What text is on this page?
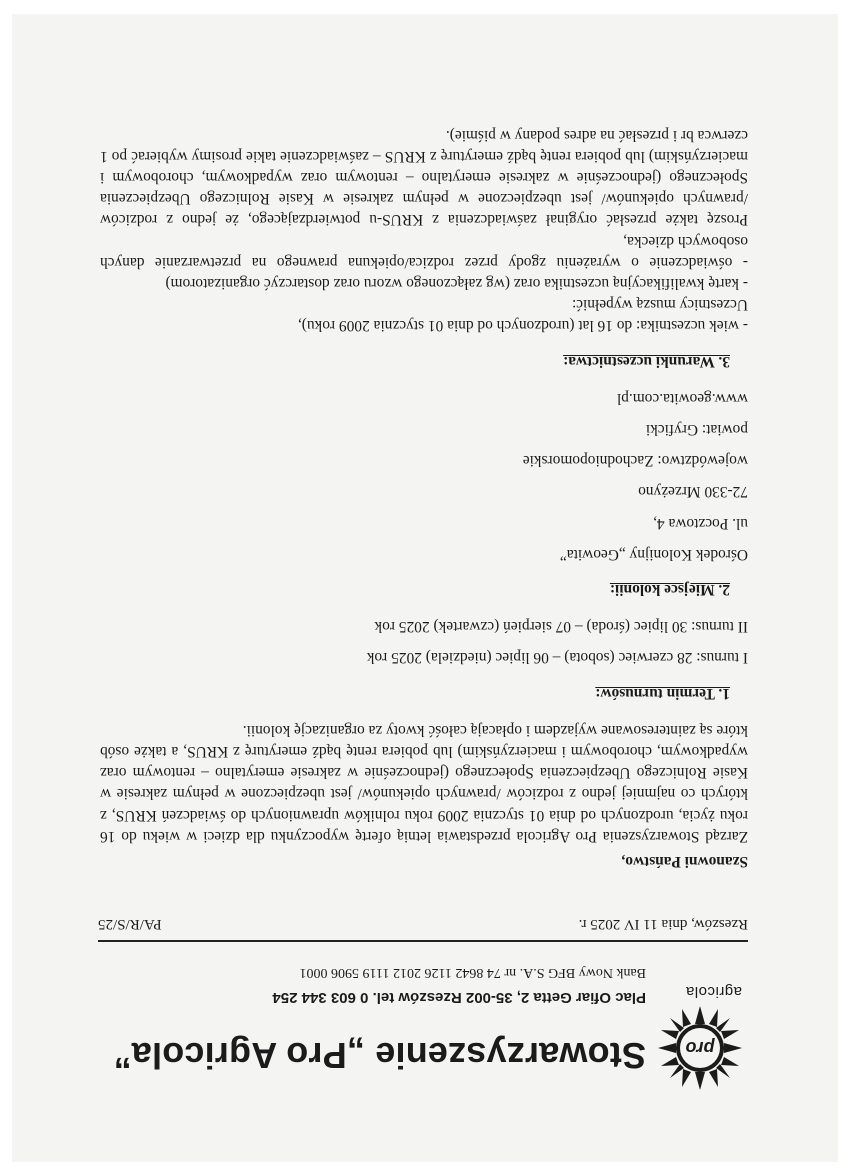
pro
Stowarzyszenie „Pro Agricola”
agricola
Plac Ofiar Getta 2, 35-002 Rzeszów tel. 0 603 344 254
Bank Nowy BFG S.A. nr 74 8642 1126 2012 1119 5906 0001
Rzeszów, dnia 11 IV 2025 r.
PA/R/S/25

Szanowni Państwo,

Zarząd Stowarzyszenia Pro Agricola przedstawia letnią ofertę wypoczynku dla dzieci w wieku do 16 roku życia, urodzonych od dnia 01 stycznia 2009 roku rolników uprawnionych do świadczeń KRUS, z których co najmniej jedno z rodziców /prawnych opiekunów/ jest ubezpieczone w pełnym zakresie w Kasie Rolniczego Ubezpieczenia Społecznego (jednocześnie w zakresie emerytalno – rentowym oraz wypadkowym, chorobowym i macierzyńskim) lub pobiera rentę bądź emeryturę z KRUS, a także osób które są zainteresowane wyjazdem i opłacają całość kwoty za organizację kolonii.

1. Termin turnusów:

I turnus: 28 czerwiec (sobota) – 06 lipiec (niedziela) 2025 rok

II turnus: 30 lipiec (środa) – 07 sierpień (czwartek) 2025 rok

2. Miejsce kolonii:

Ośrodek Kolonijny „Geowita”

ul. Pocztowa 4,

72-330 Mrzeżyno

województwo: Zachodniopomorskie

powiat: Gryficki

www.geowita.com.pl

3. Warunki uczestnictwa:

- wiek uczestnika: do 16 lat (urodzonych od dnia 01 stycznia 2009 roku),

Uczestnicy muszą wypełnić:

- kartę kwalifikacyjną uczestnika oraz (wg załączonego wzoru oraz dostarczyć organizatorom)

- oświadczenie o wyrażeniu zgody przez rodzica/opiekuna prawnego na przetwarzanie danych osobowych dziecka,

Proszę także przesłać oryginał zaświadczenia z KRUS-u potwierdzającego, że jedno z rodziców /prawnych opiekunów/ jest ubezpieczone w pełnym zakresie w Kasie Rolniczego Ubezpieczenia Społecznego (jednocześnie w zakresie emerytalno – rentowym oraz wypadkowym, chorobowym i macierzyńskim) lub pobiera rentę bądź emeryturę z KRUS – zaświadczenie takie prosimy wybierać po 1 czerwca br i przesłać na adres podany w piśmie).
